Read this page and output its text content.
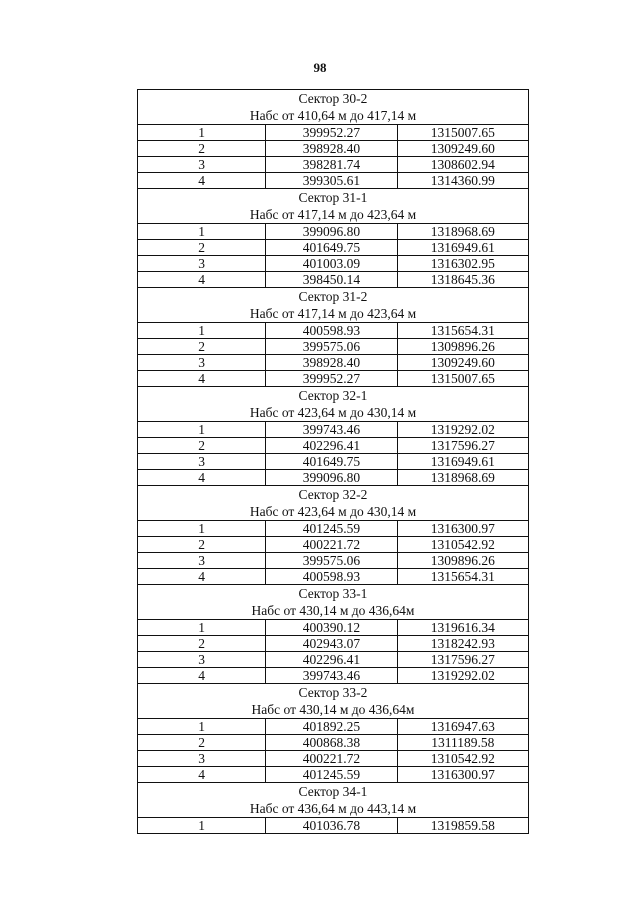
98
Сектор 30-2
Набс от 410,64 м до 417,14 м		

1	399952.27	1315007.65
2	398928.40	1309249.60
3	398281.74	1308602.94
4	399305.61	1314360.99

Сектор 31-1
Набс от 417,14 м до 423,64 м		

1	399096.80	1318968.69
2	401649.75	1316949.61
3	401003.09	1316302.95
4	398450.14	1318645.36

Сектор 31-2
Набс от 417,14 м до 423,64 м		

1	400598.93	1315654.31
2	399575.06	1309896.26
3	398928.40	1309249.60
4	399952.27	1315007.65

Сектор 32-1
Набс от 423,64 м до 430,14 м		

1	399743.46	1319292.02
2	402296.41	1317596.27
3	401649.75	1316949.61
4	399096.80	1318968.69

Сектор 32-2
Набс от 423,64 м до 430,14 м		

1	401245.59	1316300.97
2	400221.72	1310542.92
3	399575.06	1309896.26
4	400598.93	1315654.31

Сектор 33-1
Набс от 430,14 м до 436,64м		

1	400390.12	1319616.34
2	402943.07	1318242.93
3	402296.41	1317596.27
4	399743.46	1319292.02

Сектор 33-2
Набс от 430,14 м до 436,64м		

1	401892.25	1316947.63
2	400868.38	1311189.58
3	400221.72	1310542.92
4	401245.59	1316300.97

Сектор 34-1
Набс от 436,64 м до 443,14 м		

1	401036.78	1319859.58
